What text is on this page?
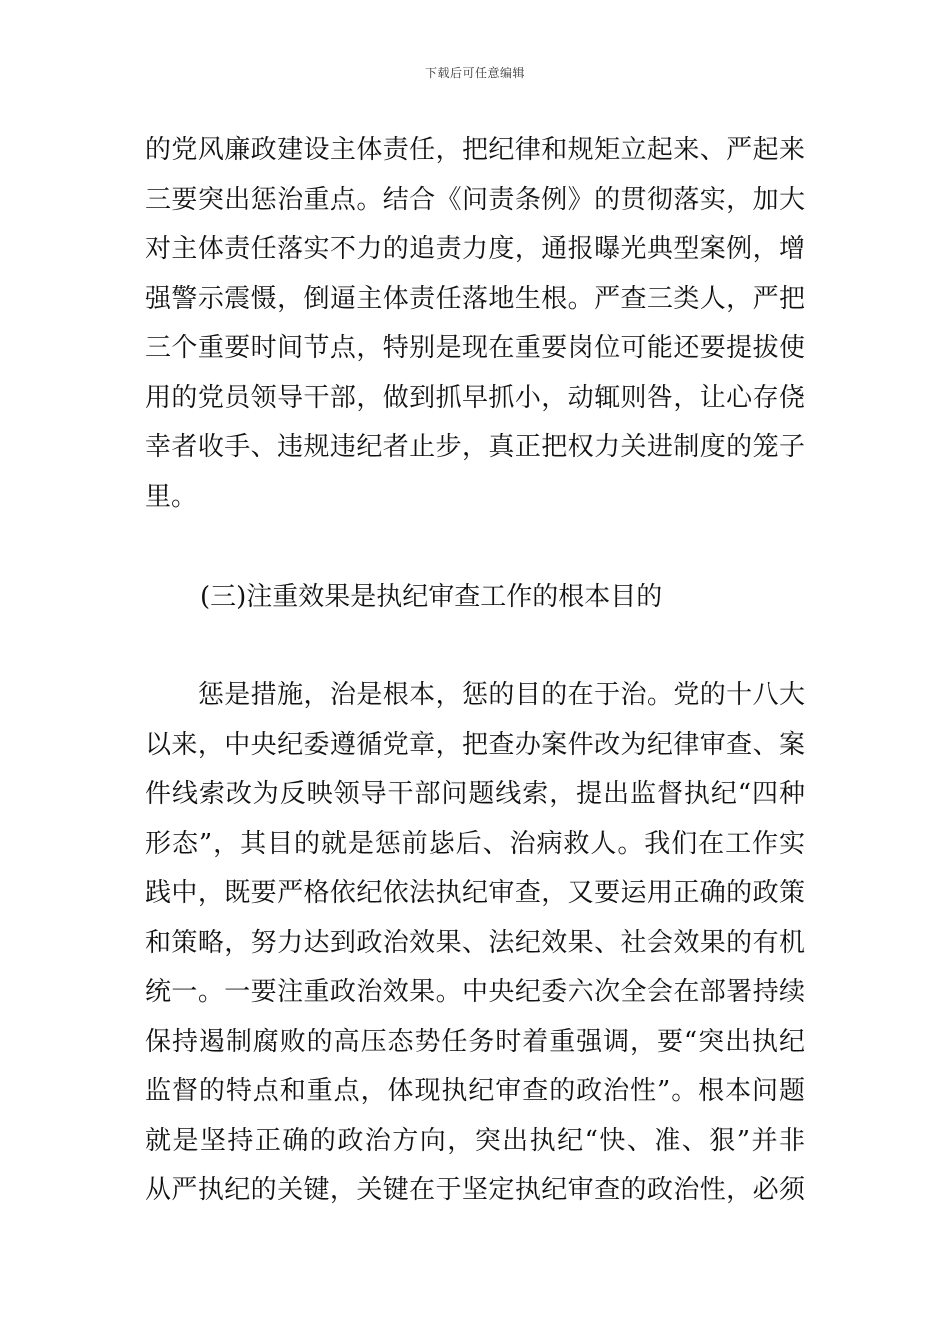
下载后可任意编辑

的党风廉政建设主体责任，把纪律和规矩立起来、严起来
三要突出惩治重点。结合《问责条例》的贯彻落实，加大
对主体责任落实不力的追责力度，通报曝光典型案例，增
强警示震慑，倒逼主体责任落地生根。严查三类人，严把
三个重要时间节点，特别是现在重要岗位可能还要提拔使
用的党员领导干部，做到抓早抓小，动辄则咎，让心存侥
幸者收手、违规违纪者止步，真正把权力关进制度的笼子
里。

(三)注重效果是执纪审查工作的根本目的

　　惩是措施，治是根本，惩的目的在于治。党的十八大
以来，中央纪委遵循党章，把查办案件改为纪律审查、案
件线索改为反映领导干部问题线索，提出监督执纪“四种
形态”，其目的就是惩前毖后、治病救人。我们在工作实
践中，既要严格依纪依法执纪审查，又要运用正确的政策
和策略，努力达到政治效果、法纪效果、社会效果的有机
统一。一要注重政治效果。中央纪委六次全会在部署持续
保持遏制腐败的高压态势任务时着重强调，要“突出执纪
监督的特点和重点，体现执纪审查的政治性”。根本问题
就是坚持正确的政治方向，突出执纪“快、准、狠”并非
从严执纪的关键，关键在于坚定执纪审查的政治性，必须
